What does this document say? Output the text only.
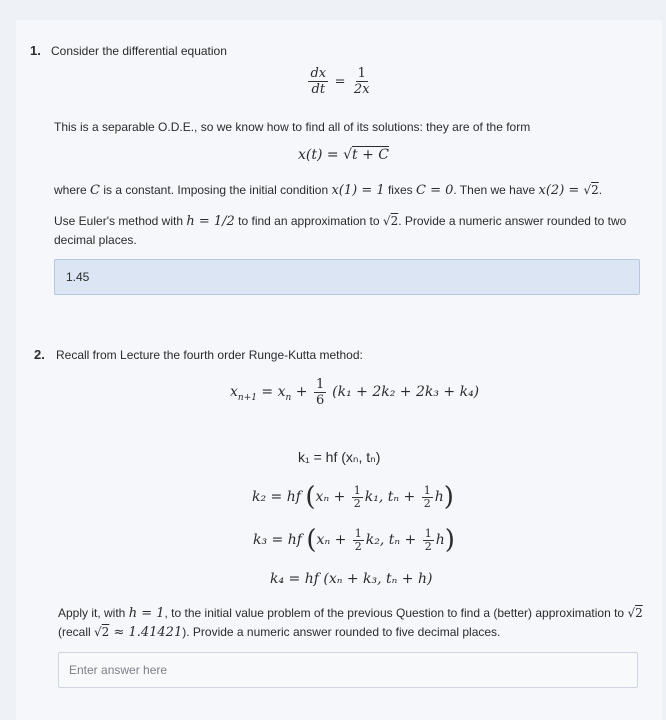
1. Consider the differential equation
$\frac{dx}{dt} = \frac{1}{2x}$
This is a separable O.D.E., so we know how to find all of its solutions: they are of the form
x(t) = √t + C
where C is a constant. Imposing the initial condition x(1) = 1 fixes C = 0. Then we have x(2) = √2.
Use Euler's method with h = 1/2 to find an approximation to √2. Provide a numeric answer rounded to two decimal places.
1.45
2. Recall from Lecture the fourth order Runge-Kutta method:
$x_{n+1} = x_n + \frac{1}{6} (k_1 + 2k_2 + 2k_3 + k_4)$
k₁ = hf (xₙ, tₙ)
k₂ = hf ($x_n + \frac{1}{2} k_1$, $t_n + \frac{1}{2} h$)
k₃ = hf ($x_n + \frac{1}{2} k_2$, $t_n + \frac{1}{2} h$)
k₄ = hf (xₙ + k₃, tₙ + h)
Apply it, with h = 1, to the initial value problem of the previous Question to find a (better) approximation to √2
(recall √2 ≈ 1.41421). Provide a numeric answer rounded to five decimal places.
Enter answer here
